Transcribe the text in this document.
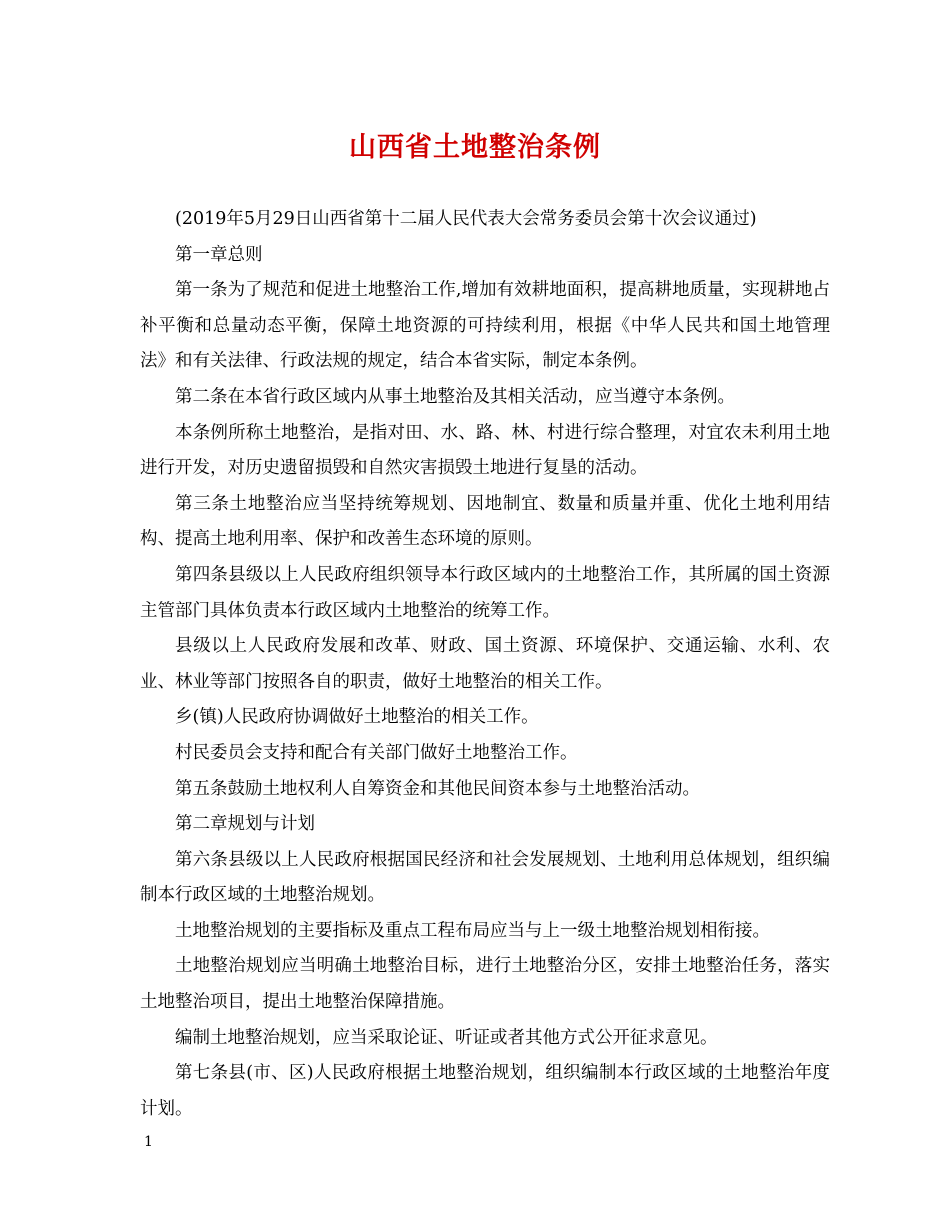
山西省土地整治条例

(2019年5月29日山西省第十二届人民代表大会常务委员会第十次会议通过)

第一章总则

第一条为了规范和促进土地整治工作,增加有效耕地面积，提高耕地质量，实现耕地占补平衡和总量动态平衡，保障土地资源的可持续利用，根据《中华人民共和国土地管理法》和有关法律、行政法规的规定，结合本省实际，制定本条例。

第二条在本省行政区域内从事土地整治及其相关活动，应当遵守本条例。

本条例所称土地整治，是指对田、水、路、林、村进行综合整理，对宜农未利用土地进行开发，对历史遗留损毁和自然灾害损毁土地进行复垦的活动。

第三条土地整治应当坚持统筹规划、因地制宜、数量和质量并重、优化土地利用结构、提高土地利用率、保护和改善生态环境的原则。

第四条县级以上人民政府组织领导本行政区域内的土地整治工作，其所属的国土资源主管部门具体负责本行政区域内土地整治的统筹工作。

县级以上人民政府发展和改革、财政、国土资源、环境保护、交通运输、水利、农业、林业等部门按照各自的职责，做好土地整治的相关工作。

乡(镇)人民政府协调做好土地整治的相关工作。

村民委员会支持和配合有关部门做好土地整治工作。

第五条鼓励土地权利人自筹资金和其他民间资本参与土地整治活动。

第二章规划与计划

第六条县级以上人民政府根据国民经济和社会发展规划、土地利用总体规划，组织编制本行政区域的土地整治规划。

土地整治规划的主要指标及重点工程布局应当与上一级土地整治规划相衔接。

土地整治规划应当明确土地整治目标，进行土地整治分区，安排土地整治任务，落实土地整治项目，提出土地整治保障措施。

编制土地整治规划，应当采取论证、听证或者其他方式公开征求意见。

第七条县(市、区)人民政府根据土地整治规划，组织编制本行政区域的土地整治年度计划。

1
